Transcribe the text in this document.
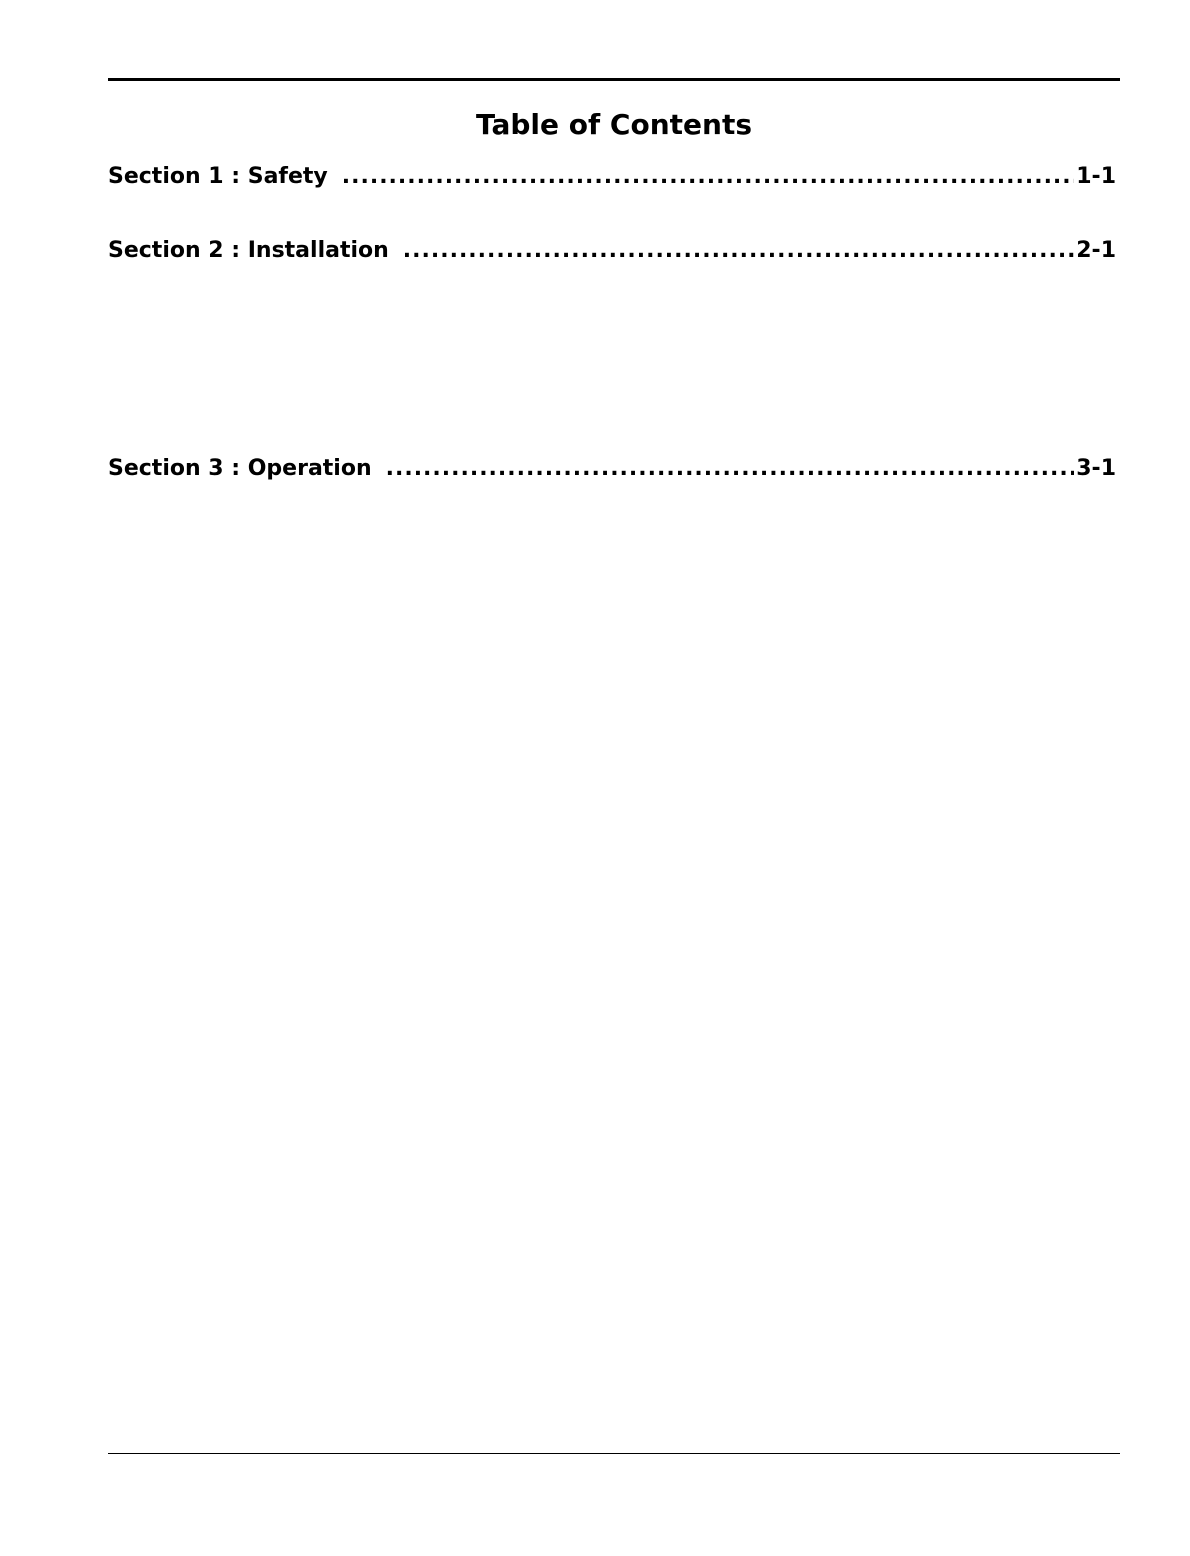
Table of Contents
Section 1 : Safety .....	1-1
Section 2 : Installation .....	2-1
Section 3 : Operation .....	3-1
